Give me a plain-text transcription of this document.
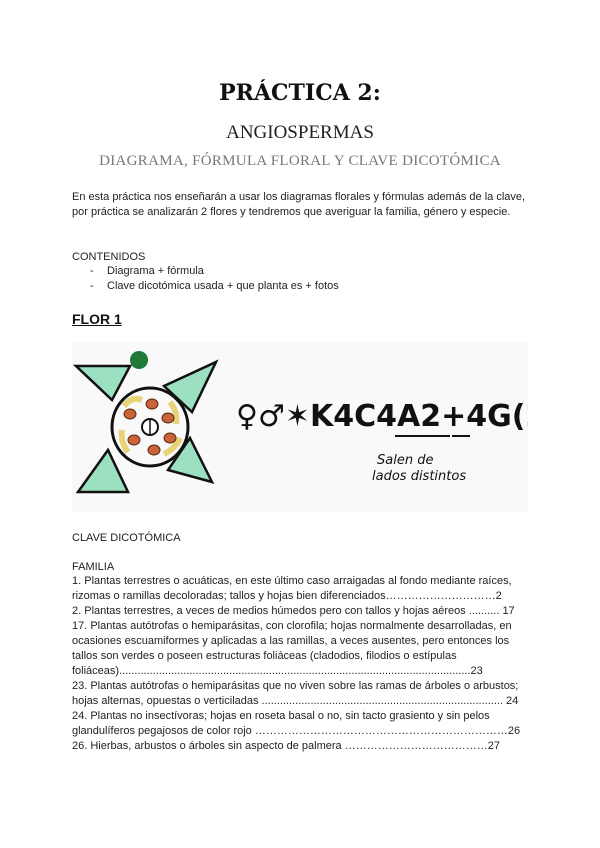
PRÁCTICA 2:
ANGIOSPERMAS
DIAGRAMA, FÓRMULA FLORAL Y CLAVE DICOTÓMICA
En esta práctica nos enseñarán a usar los diagramas florales y fórmulas además de la clave, por práctica se analizarán 2 flores y tendremos que averiguar la familia, género y especie.
CONTENIDOS
- Diagrama + fórmula
- Clave dicotómica usada + que planta es + fotos
FLOR 1
♀♂✶K4C4A2+4G(2)
Salen de
lados distintos
CLAVE DICOTÓMICA
FAMILIA

1. Plantas terrestres o acuáticas, en este último caso arraigadas al fondo mediante raíces, rizomas o ramillas decoloradas; tallos y hojas bien diferenciados…………………………2

2. Plantas terrestres, a veces de medios húmedos pero con tallos y hojas aéreos .......... 17

17. Plantas autótrofas o hemiparásitas, con clorofila; hojas normalmente desarrolladas, en ocasiones escuamiformes y aplicadas a las ramillas, a veces ausentes, pero entonces los tallos son verdes o poseen estructuras foliáceas (cladodios, filodios o estípulas foliáceas)...................................................................................................................23

23. Plantas autótrofas o hemiparásitas que no viven sobre las ramas de árboles o arbustos; hojas alternas, opuestas o verticiladas ............................................................................... 24

24. Plantas no insectívoras; hojas en roseta basal o no, sin tacto grasiento y sin pelos glandulíferos pegajosos de color rojo ……………………………………………………………26

26. Hierbas, arbustos o árboles sin aspecto de palmera …………………………………27
